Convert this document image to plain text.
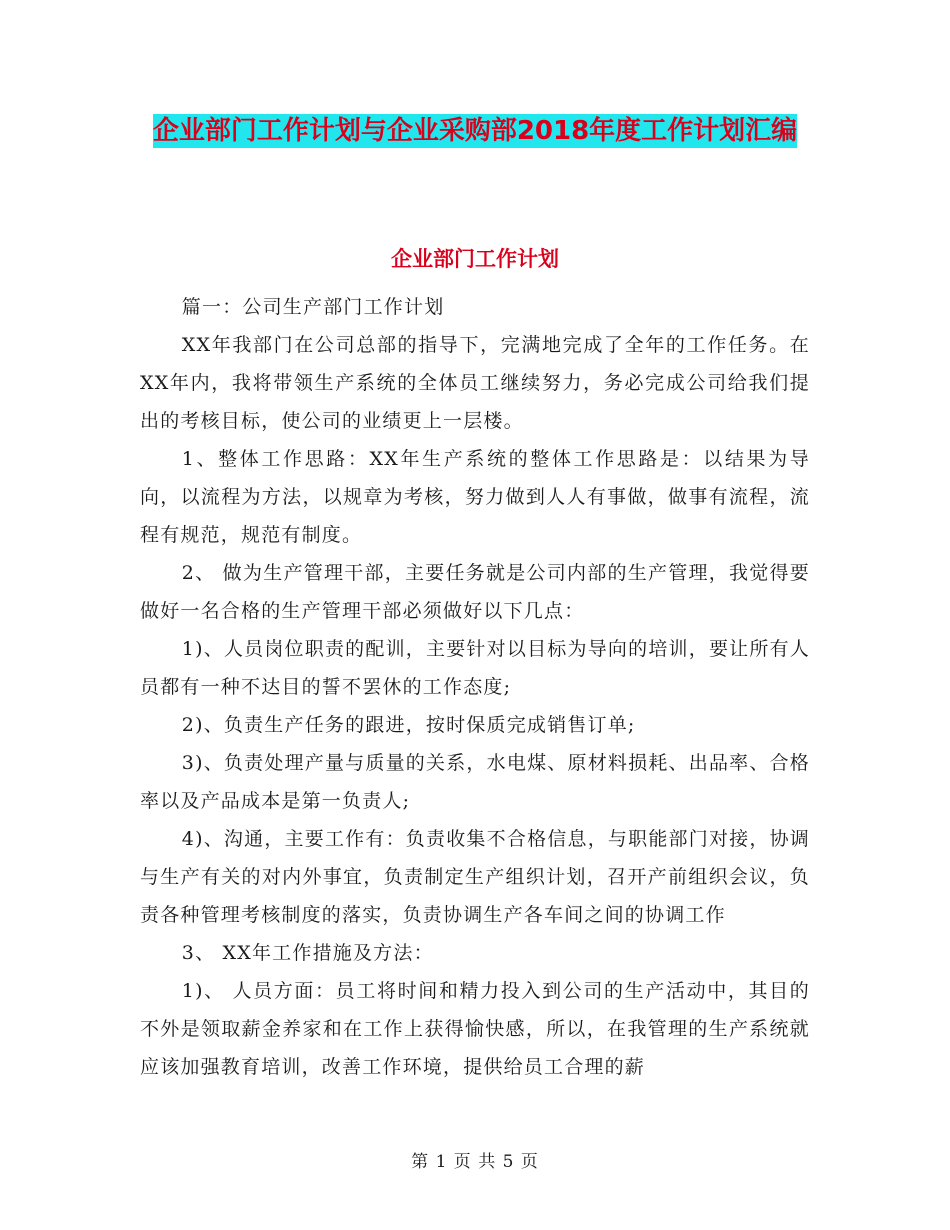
企业部门工作计划与企业采购部2018年度工作计划汇编
企业部门工作计划

篇一：公司生产部门工作计划

XX年我部门在公司总部的指导下，完满地完成了全年的工作任务。在XX年内，我将带领生产系统的全体员工继续努力，务必完成公司给我们提出的考核目标，使公司的业绩更上一层楼。

1、整体工作思路：XX年生产系统的整体工作思路是：以结果为导向，以流程为方法，以规章为考核，努力做到人人有事做，做事有流程，流程有规范，规范有制度。

2、 做为生产管理干部，主要任务就是公司内部的生产管理，我觉得要做好一名合格的生产管理干部必须做好以下几点：

1)、人员岗位职责的配训，主要针对以目标为导向的培训，要让所有人员都有一种不达目的誓不罢休的工作态度;

2)、负责生产任务的跟进，按时保质完成销售订单;

3)、负责处理产量与质量的关系，水电煤、原材料损耗、出品率、合格率以及产品成本是第一负责人;

4)、沟通，主要工作有：负责收集不合格信息，与职能部门对接，协调与生产有关的对内外事宜，负责制定生产组织计划，召开产前组织会议，负责各种管理考核制度的落实，负责协调生产各车间之间的协调工作

3、 XX年工作措施及方法：

1)、 人员方面：员工将时间和精力投入到公司的生产活动中，其目的不外是领取薪金养家和在工作上获得愉快感，所以，在我管理的生产系统就应该加强教育培训，改善工作环境，提供给员工合理的薪

第 1 页 共 5 页
